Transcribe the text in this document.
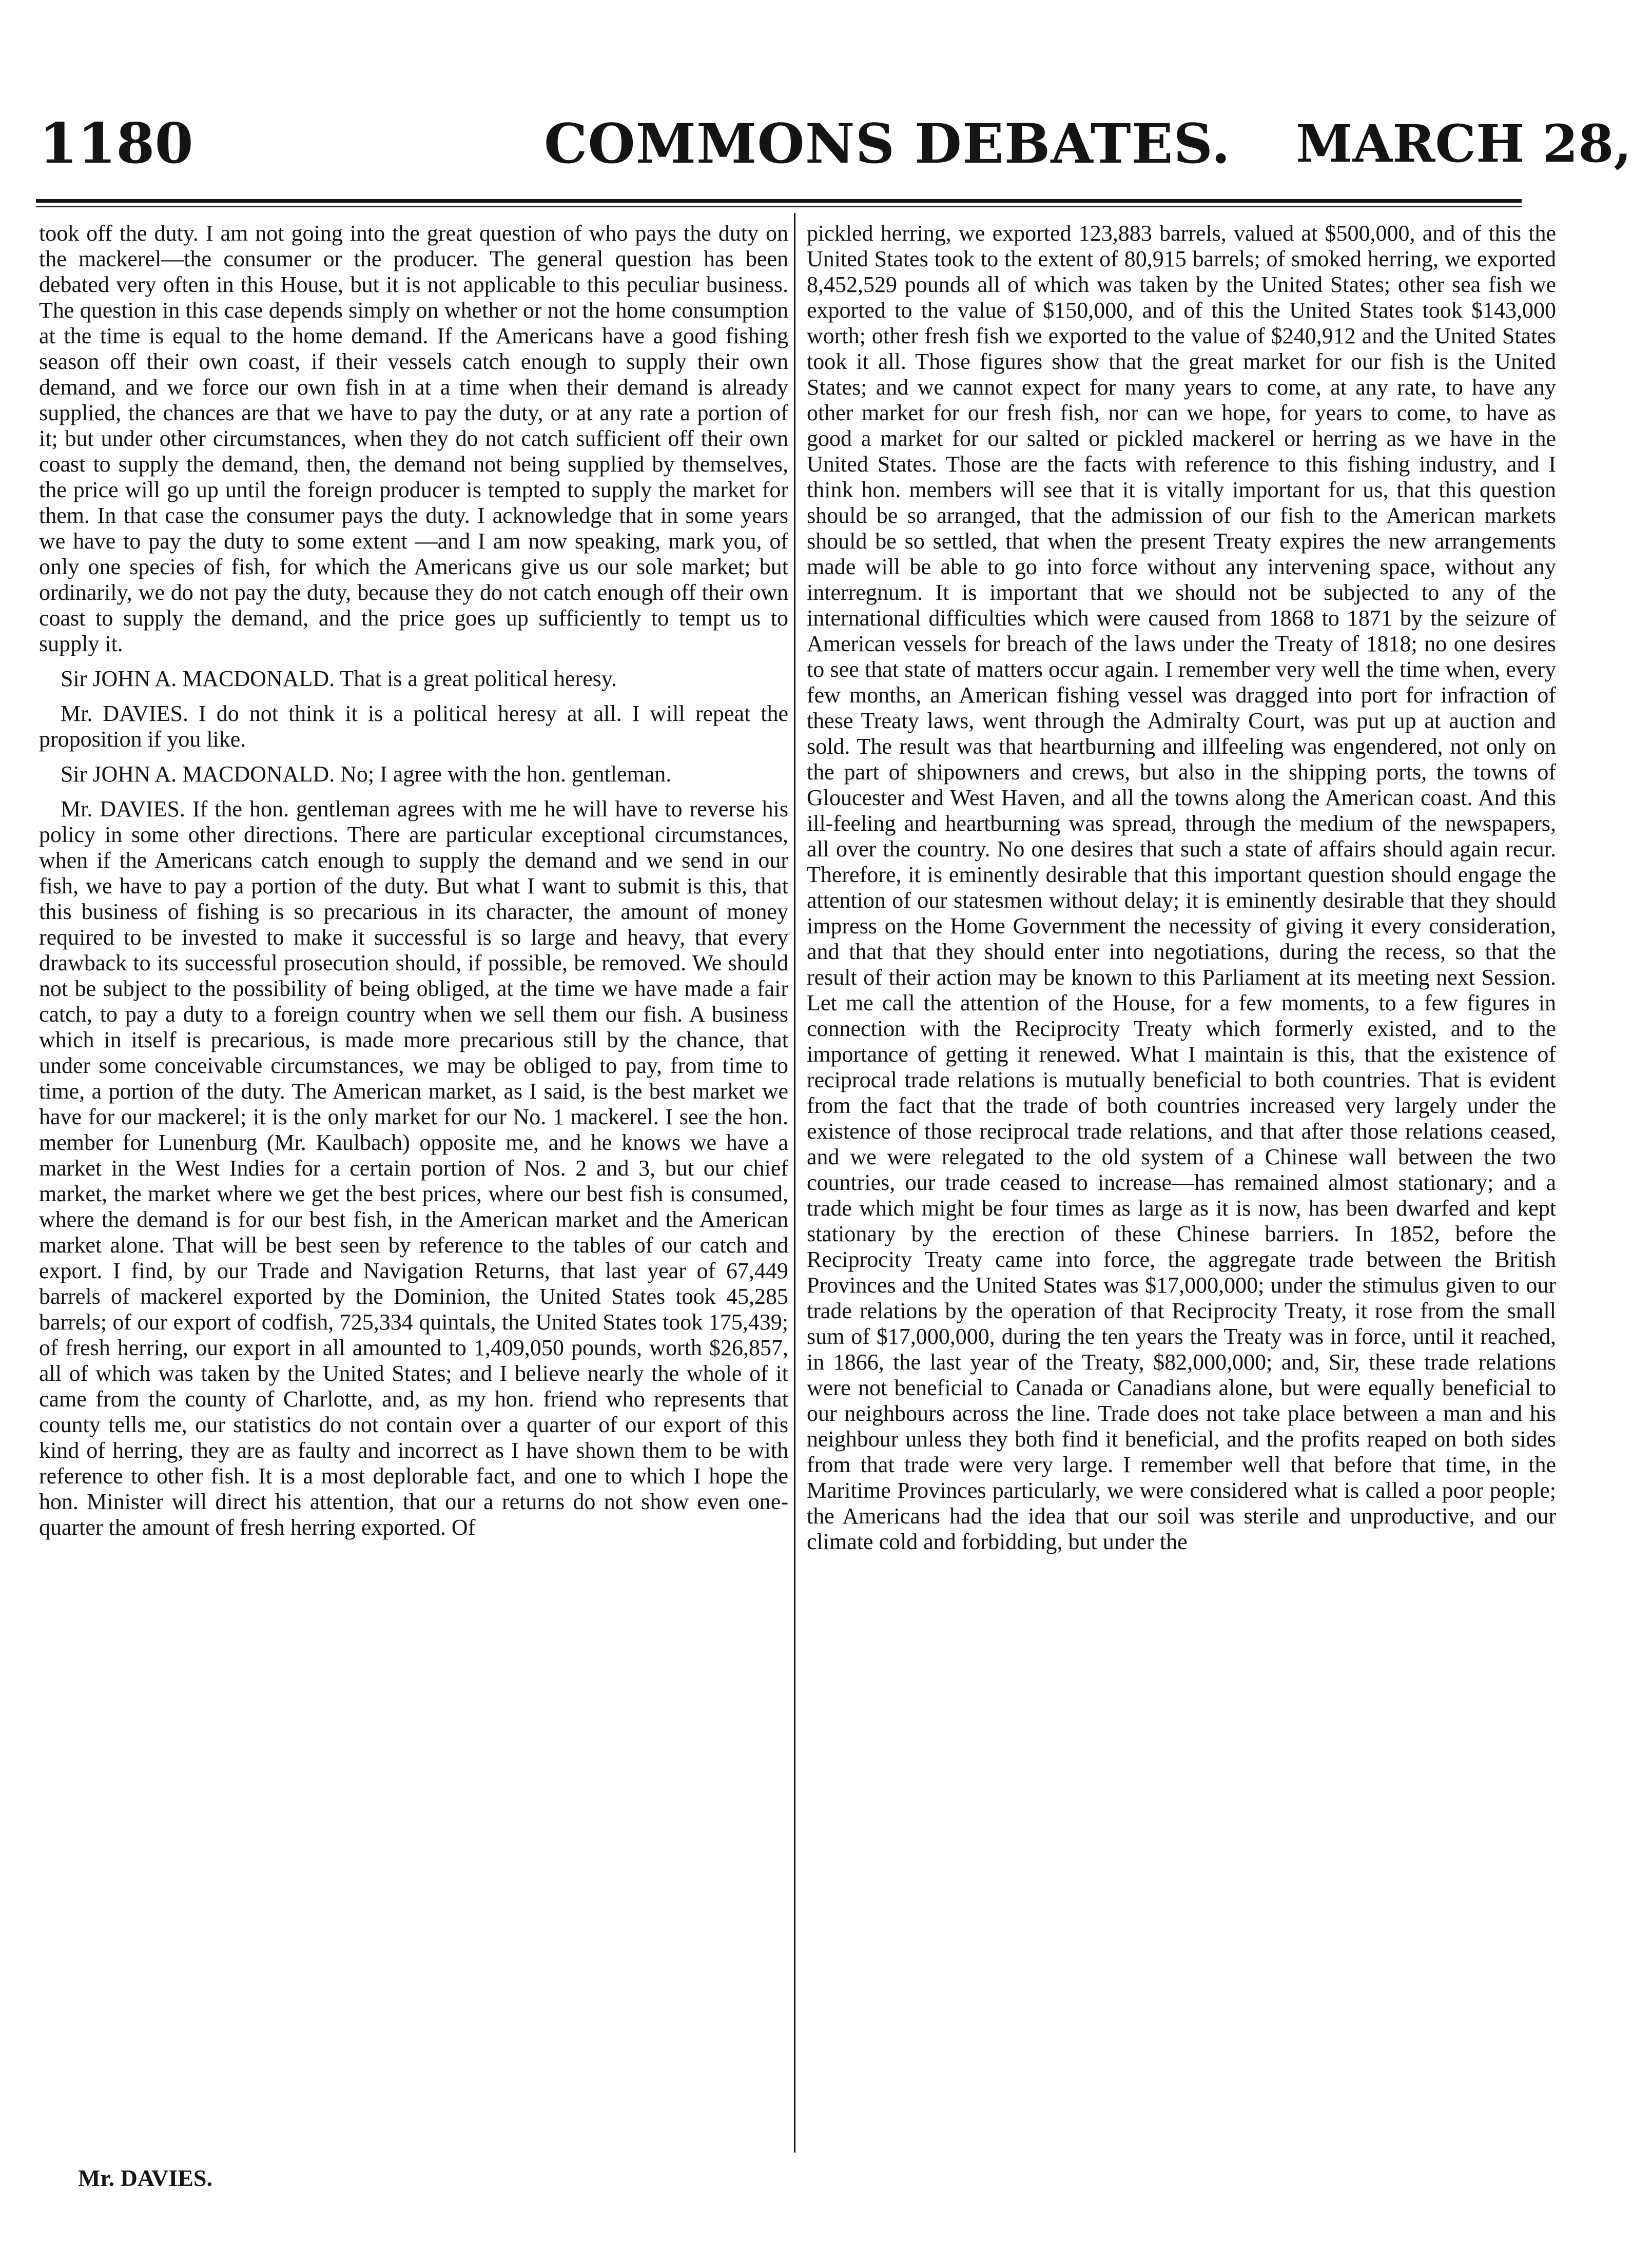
1180	COMMONS DEBATES. MARCH 28,

took off the duty. I am not going into the great question of who pays the duty on the mackerel—the consumer or the producer. The general question has been debated very often in this House, but it is not applicable to this peculiar business. The question in this case depends simply on whether or not the home consumption at the time is equal to the home demand. If the Americans have a good fishing season off their own coast, if their vessels catch enough to supply their own demand, and we force our own fish in at a time when their demand is already supplied, the chances are that we have to pay the duty, or at any rate a portion of it; but under other circumstances, when they do not catch sufficient off their own coast to supply the demand, then, the demand not being supplied by themselves, the price will go up until the foreign producer is tempted to supply the market for them. In that case the consumer pays the duty. I acknowledge that in some years we have to pay the duty to some extent —and I am now speaking, mark you, of only one species of fish, for which the Americans give us our sole market; but ordinarily, we do not pay the duty, because they do not catch enough off their own coast to supply the demand, and the price goes up sufficiently to tempt us to supply it.

Sir JOHN A. MACDONALD. That is a great political heresy.

Mr. DAVIES. I do not think it is a political heresy at all. I will repeat the proposition if you like.

Sir JOHN A. MACDONALD. No; I agree with the hon. gentleman.

Mr. DAVIES. If the hon. gentleman agrees with me he will have to reverse his policy in some other directions. There are particular exceptional circumstances, when if the Americans catch enough to supply the demand and we send in our fish, we have to pay a portion of the duty. But what I want to submit is this, that this business of fishing is so precarious in its character, the amount of money required to be invested to make it successful is so large and heavy, that every drawback to its successful prosecution should, if possible, be removed. We should not be subject to the possibility of being obliged, at the time we have made a fair catch, to pay a duty to a foreign country when we sell them our fish. A business which in itself is precarious, is made more precarious still by the chance, that under some conceivable circumstances, we may be obliged to pay, from time to time, a portion of the duty. The American market, as I said, is the best market we have for our mackerel; it is the only market for our No. 1 mackerel. I see the hon. member for Lunenburg (Mr. Kaulbach) opposite me, and he knows we have a market in the West Indies for a certain portion of Nos. 2 and 3, but our chief market, the market where we get the best prices, where our best fish is consumed, where the demand is for our best fish, in the American market and the American market alone. That will be best seen by reference to the tables of our catch and export. I find, by our Trade and Navigation Returns, that last year of 67,449 barrels of mackerel exported by the Dominion, the United States took 45,285 barrels; of our export of codfish, 725,334 quintals, the United States took 175,439; of fresh herring, our export in all amounted to 1,409,050 pounds, worth $26,857, all of which was taken by the United States; and I believe nearly the whole of it came from the county of Charlotte, and, as my hon. friend who represents that county tells me, our statistics do not contain over a quarter of our export of this kind of herring, they are as faulty and incorrect as I have shown them to be with reference to other fish. It is a most deplorable fact, and one to which I hope the hon. Minister will direct his attention, that our a returns do not show even one-quarter the amount of fresh herring exported. Of

pickled herring, we exported 123,883 barrels, valued at $500,000, and of this the United States took to the extent of 80,915 barrels; of smoked herring, we exported 8,452,529 pounds all of which was taken by the United States; other sea fish we exported to the value of $150,000, and of this the United States took $143,000 worth; other fresh fish we exported to the value of $240,912 and the United States took it all. Those figures show that the great market for our fish is the United States; and we cannot expect for many years to come, at any rate, to have any other market for our fresh fish, nor can we hope, for years to come, to have as good a market for our salted or pickled mackerel or herring as we have in the United States. Those are the facts with reference to this fishing industry, and I think hon. members will see that it is vitally important for us, that this question should be so arranged, that the admission of our fish to the American markets should be so settled, that when the present Treaty expires the new arrangements made will be able to go into force without any intervening space, without any interregnum. It is important that we should not be subjected to any of the international difficulties which were caused from 1868 to 1871 by the seizure of American vessels for breach of the laws under the Treaty of 1818; no one desires to see that state of matters occur again. I remember very well the time when, every few months, an American fishing vessel was dragged into port for infraction of these Treaty laws, went through the Admiralty Court, was put up at auction and sold. The result was that heartburning and illfeeling was engendered, not only on the part of shipowners and crews, but also in the shipping ports, the towns of Gloucester and West Haven, and all the towns along the American coast. And this ill-feeling and heartburning was spread, through the medium of the newspapers, all over the country. No one desires that such a state of affairs should again recur. Therefore, it is eminently desirable that this important question should engage the attention of our statesmen without delay; it is eminently desirable that they should impress on the Home Government the necessity of giving it every consideration, and that that they should enter into negotiations, during the recess, so that the result of their action may be known to this Parliament at its meeting next Session. Let me call the attention of the House, for a few moments, to a few figures in connection with the Reciprocity Treaty which formerly existed, and to the importance of getting it renewed. What I maintain is this, that the existence of reciprocal trade relations is mutually beneficial to both countries. That is evident from the fact that the trade of both countries increased very largely under the existence of those reciprocal trade relations, and that after those relations ceased, and we were relegated to the old system of a Chinese wall between the two countries, our trade ceased to increase—has remained almost stationary; and a trade which might be four times as large as it is now, has been dwarfed and kept stationary by the erection of these Chinese barriers. In 1852, before the Reciprocity Treaty came into force, the aggregate trade between the British Provinces and the United States was $17,000,000; under the stimulus given to our trade relations by the operation of that Reciprocity Treaty, it rose from the small sum of $17,000,000, during the ten years the Treaty was in force, until it reached, in 1866, the last year of the Treaty, $82,000,000; and, Sir, these trade relations were not beneficial to Canada or Canadians alone, but were equally beneficial to our neighbours across the line. Trade does not take place between a man and his neighbour unless they both find it beneficial, and the profits reaped on both sides from that trade were very large. I remember well that before that time, in the Maritime Provinces particularly, we were considered what is called a poor people; the Americans had the idea that our soil was sterile and unproductive, and our climate cold and forbidding, but under the

Mr. DAVIES.
